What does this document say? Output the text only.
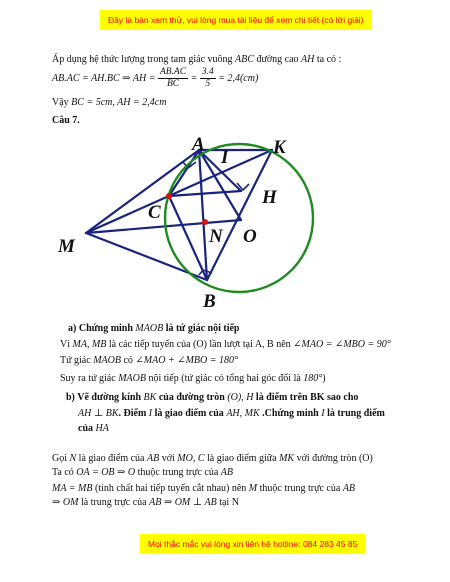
Đây là bản xem thử, vui lòng mua tài liệu để xem chi tiết (có lời giải)
Áp dụng hệ thức lượng trong tam giác vuông ABC đường cao AH ta có :
AB.AC = AH.BC ⇒ AH = $\frac{AB.AC}{BC} = \frac{3.4}{5} = 2,4(cm)$
Vậy BC = 5cm, AH = 2,4cm
Câu 7.
A
I K
H
C
N O
M
B
a) Chứng minh MAOB là tứ giác nội tiếp
Vì MA, MB là các tiếp tuyến của (O) lần lượt tại A, B nên ∠MAO = ∠MBO = 90°
Tứ giác MAOB có ∠MAO + ∠MBO = 180°
Suy ra tứ giác MAOB nội tiếp (tứ giác có tổng hai góc đối là 180°)
b) Vẽ đường kính BK của đường tròn (O), H là điểm trên BK sao cho
AH ⊥ BK. Điểm I là giao điểm của AH, MK .Chứng minh I là trung điểm
của HA
Gọi N là giao điểm của AB với MO, C là giao điểm giữa MK với đường tròn (O)
Ta có OA = OB ⇒ O thuộc trung trực của AB
MA = MB (tính chất hai tiếp tuyến cắt nhau) nên M thuộc trung trực của AB
⇒ OM là trung trực của AB ⇒ OM ⊥ AB tại N
Mọi thắc mắc vui lòng xin liên hệ hotline: 084 283 45 85
